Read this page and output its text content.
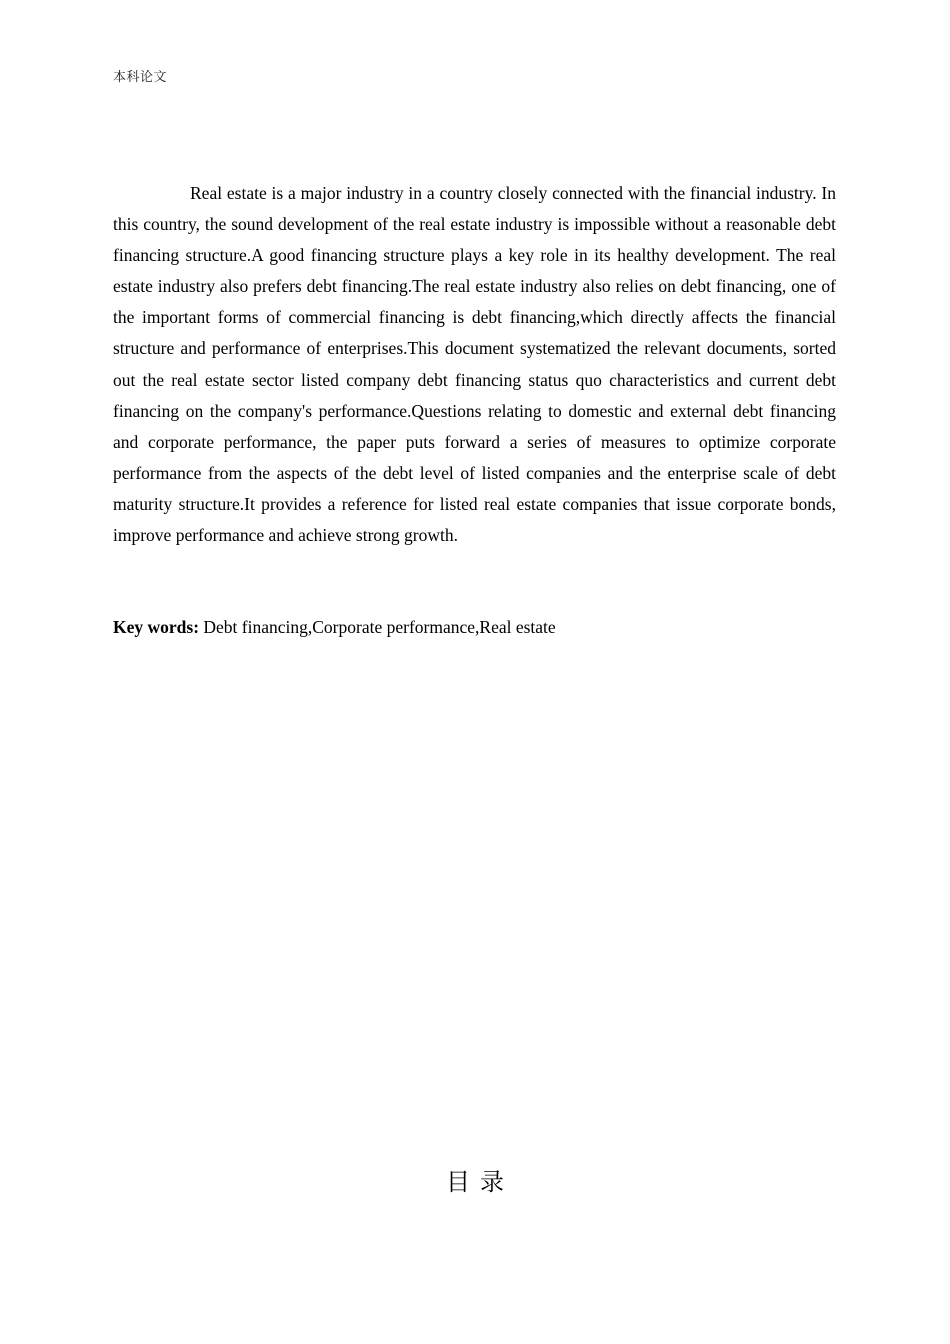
本科论文

Real estate is a major industry in a country closely connected with the financial industry. In this country, the sound development of the real estate industry is impossible without a reasonable debt financing structure.A good financing structure plays a key role in its healthy development. The real estate industry also prefers debt financing.The real estate industry also relies on debt financing, one of the important forms of commercial financing is debt financing,which directly affects the financial structure and performance of enterprises.This document systematized the relevant documents, sorted out the real estate sector listed company debt financing status quo characteristics and current debt financing on the company's performance.Questions relating to domestic and external debt financing and corporate performance, the paper puts forward a series of measures to optimize corporate performance from the aspects of the debt level of listed companies and the enterprise scale of debt maturity structure.It provides a reference for listed real estate companies that issue corporate bonds, improve performance and achieve strong growth.

Key words: Debt financing,Corporate performance,Real estate

目录
